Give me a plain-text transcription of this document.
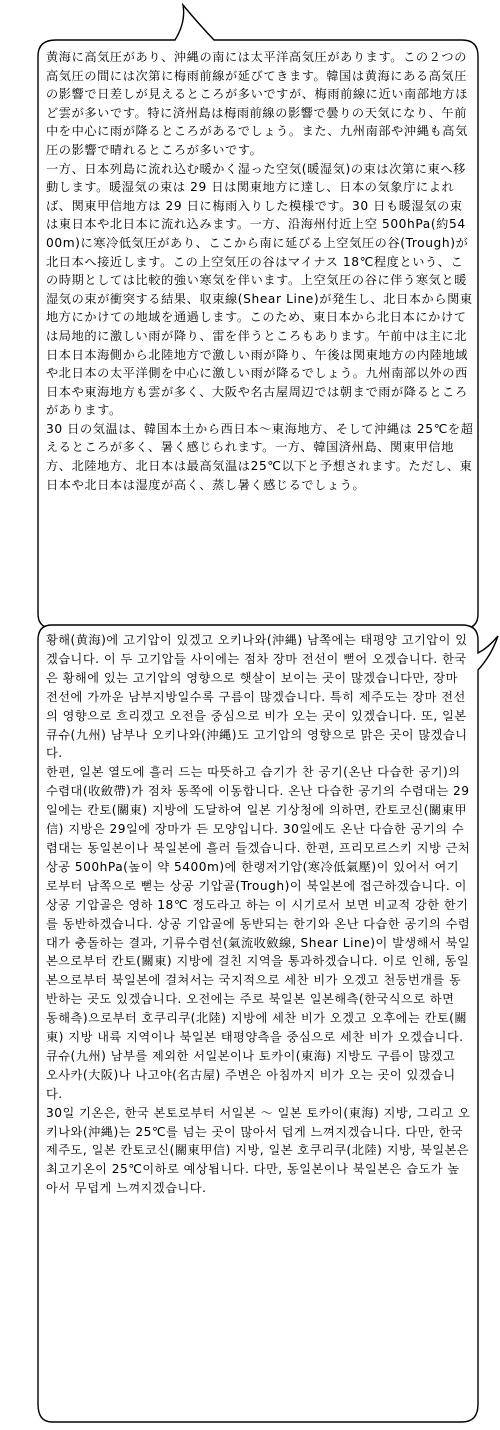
黄海に高気圧があり、沖縄の南には太平洋高気圧があります。この２つの高気圧の間には次第に梅雨前線が延びてきます。韓国は黄海にある高気圧の影響で日差しが見えるところが多いですが、梅雨前線に近い南部地方ほど雲が多いです。特に済州島は梅雨前線の影響で曇りの天気になり、午前中を中心に雨が降るところがあるでしょう。また、九州南部や沖縄も高気圧の影響で晴れるところが多いです。
一方、日本列島に流れ込む暖かく湿った空気(暖湿気)の束は次第に東へ移動します。暖湿気の束は 29 日は関東地方に達し、日本の気象庁によれば、関東甲信地方は 29 日に梅雨入りした模様です。30 日も暖湿気の束は東日本や北日本に流れ込みます。一方、沿海州付近上空 500hPa(約5400m)に寒冷低気圧があり、ここから南に延びる上空気圧の谷(Trough)が北日本へ接近します。この上空気圧の谷はマイナス 18℃程度という、この時期としては比較的強い寒気を伴います。上空気圧の谷に伴う寒気と暖湿気の束が衝突する結果、収束線(Shear Line)が発生し、北日本から関東地方にかけての地域を通過します。このため、東日本から北日本にかけては局地的に激しい雨が降り、雷を伴うところもあります。午前中は主に北日本日本海側から北陸地方で激しい雨が降り、午後は関東地方の内陸地域や北日本の太平洋側を中心に激しい雨が降るでしょう。九州南部以外の西日本や東海地方も雲が多く、大阪や名古屋周辺では朝まで雨が降るところがあります。
30 日の気温は、韓国本土から西日本～東海地方、そして沖縄は 25℃を超えるところが多く、暑く感じられます。一方、韓国済州島、関東甲信地方、北陸地方、北日本は最高気温は25℃以下と予想されます。ただし、東日本や北日本は湿度が高く、蒸し暑く感じるでしょう。
황해(黄海)에 고기압이 있겠고 오키나와(沖縄) 남쪽에는 태평양 고기압이 있겠습니다. 이 두 고기압들 사이에는 점차 장마 전선이 뻗어 오겠습니다. 한국은 황해에 있는 고기압의 영향으로 햇살이 보이는 곳이 많겠습니다만, 장마 전선에 가까운 남부지방일수록 구름이 많겠습니다. 특히 제주도는 장마 전선의 영향으로 흐리겠고 오전을 중심으로 비가 오는 곳이 있겠습니다. 또, 일본 큐슈(九州) 남부나 오키나와(沖縄)도 고기압의 영향으로 맑은 곳이 많겠습니다.
한편, 일본 열도에 흘러 드는 따뜻하고 습기가 찬 공기(온난 다습한 공기)의 수렴대(收斂帶)가 점차 동쪽에 이동합니다. 온난 다습한 공기의 수렴대는 29일에는 칸토(關東) 지방에 도달하여 일본 기상청에 의하면, 칸토코신(關東甲信) 지방은 29일에 장마가 든 모양입니다. 30일에도 온난 다습한 공기의 수렴대는 동일본이나 북일본에 흘러 들겠습니다. 한편, 프리모르스키 지방 근처 상공 500hPa(높이 약 5400m)에 한랭저기압(寒冷低氣壓)이 있어서 여기로부터 남쪽으로 뻗는 상공 기압골(Trough)이 북일본에 접근하겠습니다. 이 상공 기압골은 영하 18℃ 정도라고 하는 이 시기로서 보면 비교적 강한 한기를 동반하겠습니다. 상공 기압골에 동반되는 한기와 온난 다습한 공기의 수렴대가 충돌하는 결과, 기류수렴선(氣流收斂線, Shear Line)이 발생해서 북일본으로부터 칸토(關東) 지방에 걸친 지역을 통과하겠습니다. 이로 인해, 동일본으로부터 북일본에 걸쳐서는 국지적으로 세찬 비가 오겠고 천둥번개를 동반하는 곳도 있겠습니다. 오전에는 주로 북일본 일본해측(한국식으로 하면 동해측)으로부터 호쿠리쿠(北陸) 지방에 세찬 비가 오겠고 오후에는 칸토(關東) 지방 내륙 지역이나 북일본 태평양측을 중심으로 세찬 비가 오겠습니다. 큐슈(九州) 남부를 제외한 서일본이나 토카이(東海) 지방도 구름이 많겠고 오사카(大阪)나 나고야(名古屋) 주변은 아침까지 비가 오는 곳이 있겠습니다.
30일 기온은, 한국 본토로부터 서일본 ～ 일본 토카이(東海) 지방, 그리고 오키나와(沖縄)는 25℃를 넘는 곳이 많아서 덥게 느껴지겠습니다. 다만, 한국 제주도, 일본 칸토코신(關東甲信) 지방, 일본 호쿠리쿠(北陸) 지방, 북일본은 최고기온이 25℃이하로 예상됩니다. 다만, 동일본이나 북일본은 습도가 높아서 무덥게 느껴지겠습니다.
